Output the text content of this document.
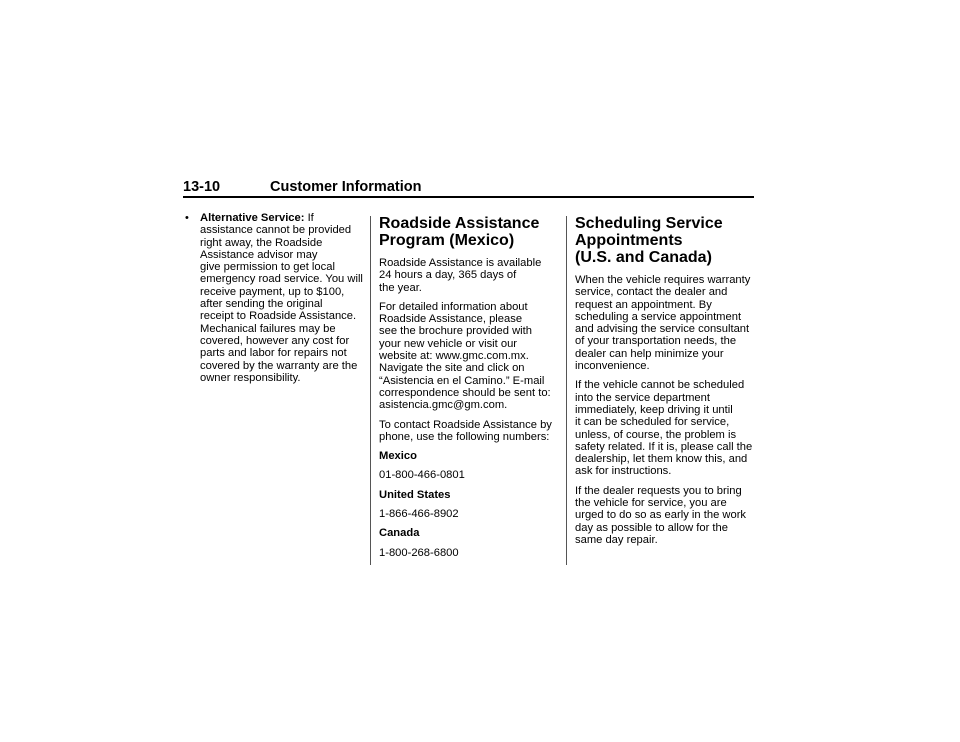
13-10	Customer Information
• Alternative Service: If
assistance cannot be provided
right away, the Roadside
Assistance advisor may
give permission to get local
emergency road service. You will
receive payment, up to $100,
after sending the original
receipt to Roadside Assistance.
Mechanical failures may be
covered, however any cost for
parts and labor for repairs not
covered by the warranty are the
owner responsibility.

Roadside Assistance
Program (Mexico)

Roadside Assistance is available
24 hours a day, 365 days of
the year.

For detailed information about
Roadside Assistance, please
see the brochure provided with
your new vehicle or visit our
website at: www.gmc.com.mx.
Navigate the site and click on
“Asistencia en el Camino.” E-mail
correspondence should be sent to:
asistencia.gmc@gm.com.

To contact Roadside Assistance by
phone, use the following numbers:

Mexico

01-800-466-0801

United States

1-866-466-8902

Canada

1-800-268-6800

Scheduling Service
Appointments
(U.S. and Canada)

When the vehicle requires warranty
service, contact the dealer and
request an appointment. By
scheduling a service appointment
and advising the service consultant
of your transportation needs, the
dealer can help minimize your
inconvenience.

If the vehicle cannot be scheduled
into the service department
immediately, keep driving it until
it can be scheduled for service,
unless, of course, the problem is
safety related. If it is, please call the
dealership, let them know this, and
ask for instructions.

If the dealer requests you to bring
the vehicle for service, you are
urged to do so as early in the work
day as possible to allow for the
same day repair.
